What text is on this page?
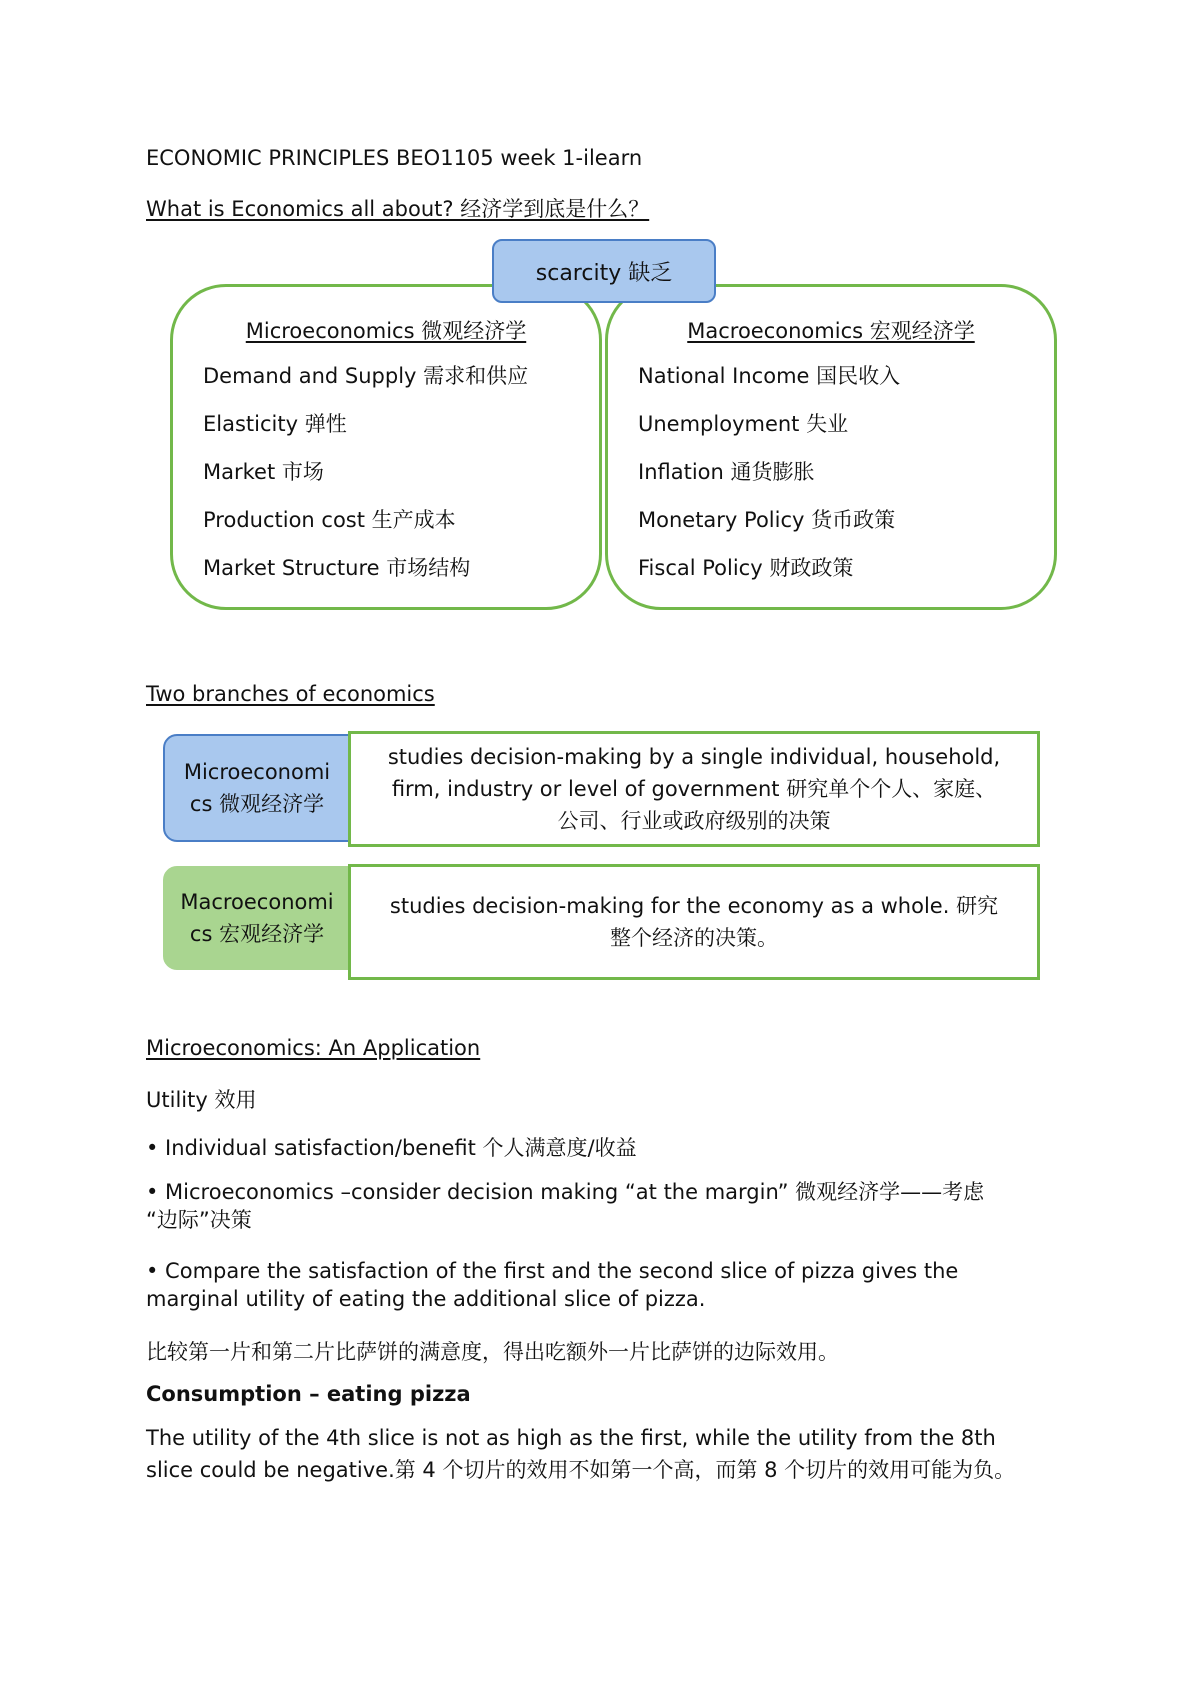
ECONOMIC PRINCIPLES BEO1105 week 1-ilearn
What is Economics all about? 经济学到底是什么？
Microeconomics 微观经济学
Demand and Supply 需求和供应
Elasticity 弹性
Market 市场
Production cost 生产成本
Market Structure 市场结构
Macroeconomics 宏观经济学
National Income 国民收入
Unemployment 失业
Inflation 通货膨胀
Monetary Policy 货币政策
Fiscal Policy 财政政策
scarcity 缺乏
Two branches of economics
Microeconomi
cs 微观经济学
studies decision-making by a single individual, household,
firm, industry or level of government 研究单个个人、家庭、
公司、行业或政府级别的决策
Macroeconomi
cs 宏观经济学
studies decision-making for the economy as a whole. 研究
整个经济的决策。
Microeconomics: An Application
Utility 效用
• Individual satisfaction/benefit 个人满意度/收益
• Microeconomics –consider decision making “at the margin” 微观经济学——考虑
“边际”决策
• Compare the satisfaction of the first and the second slice of pizza gives the
marginal utility of eating the additional slice of pizza.
比较第一片和第二片比萨饼的满意度，得出吃额外一片比萨饼的边际效用。
Consumption – eating pizza
The utility of the 4th slice is not as high as the first, while the utility from the 8th
slice could be negative.第 4 个切片的效用不如第一个高，而第 8 个切片的效用可能为负。
